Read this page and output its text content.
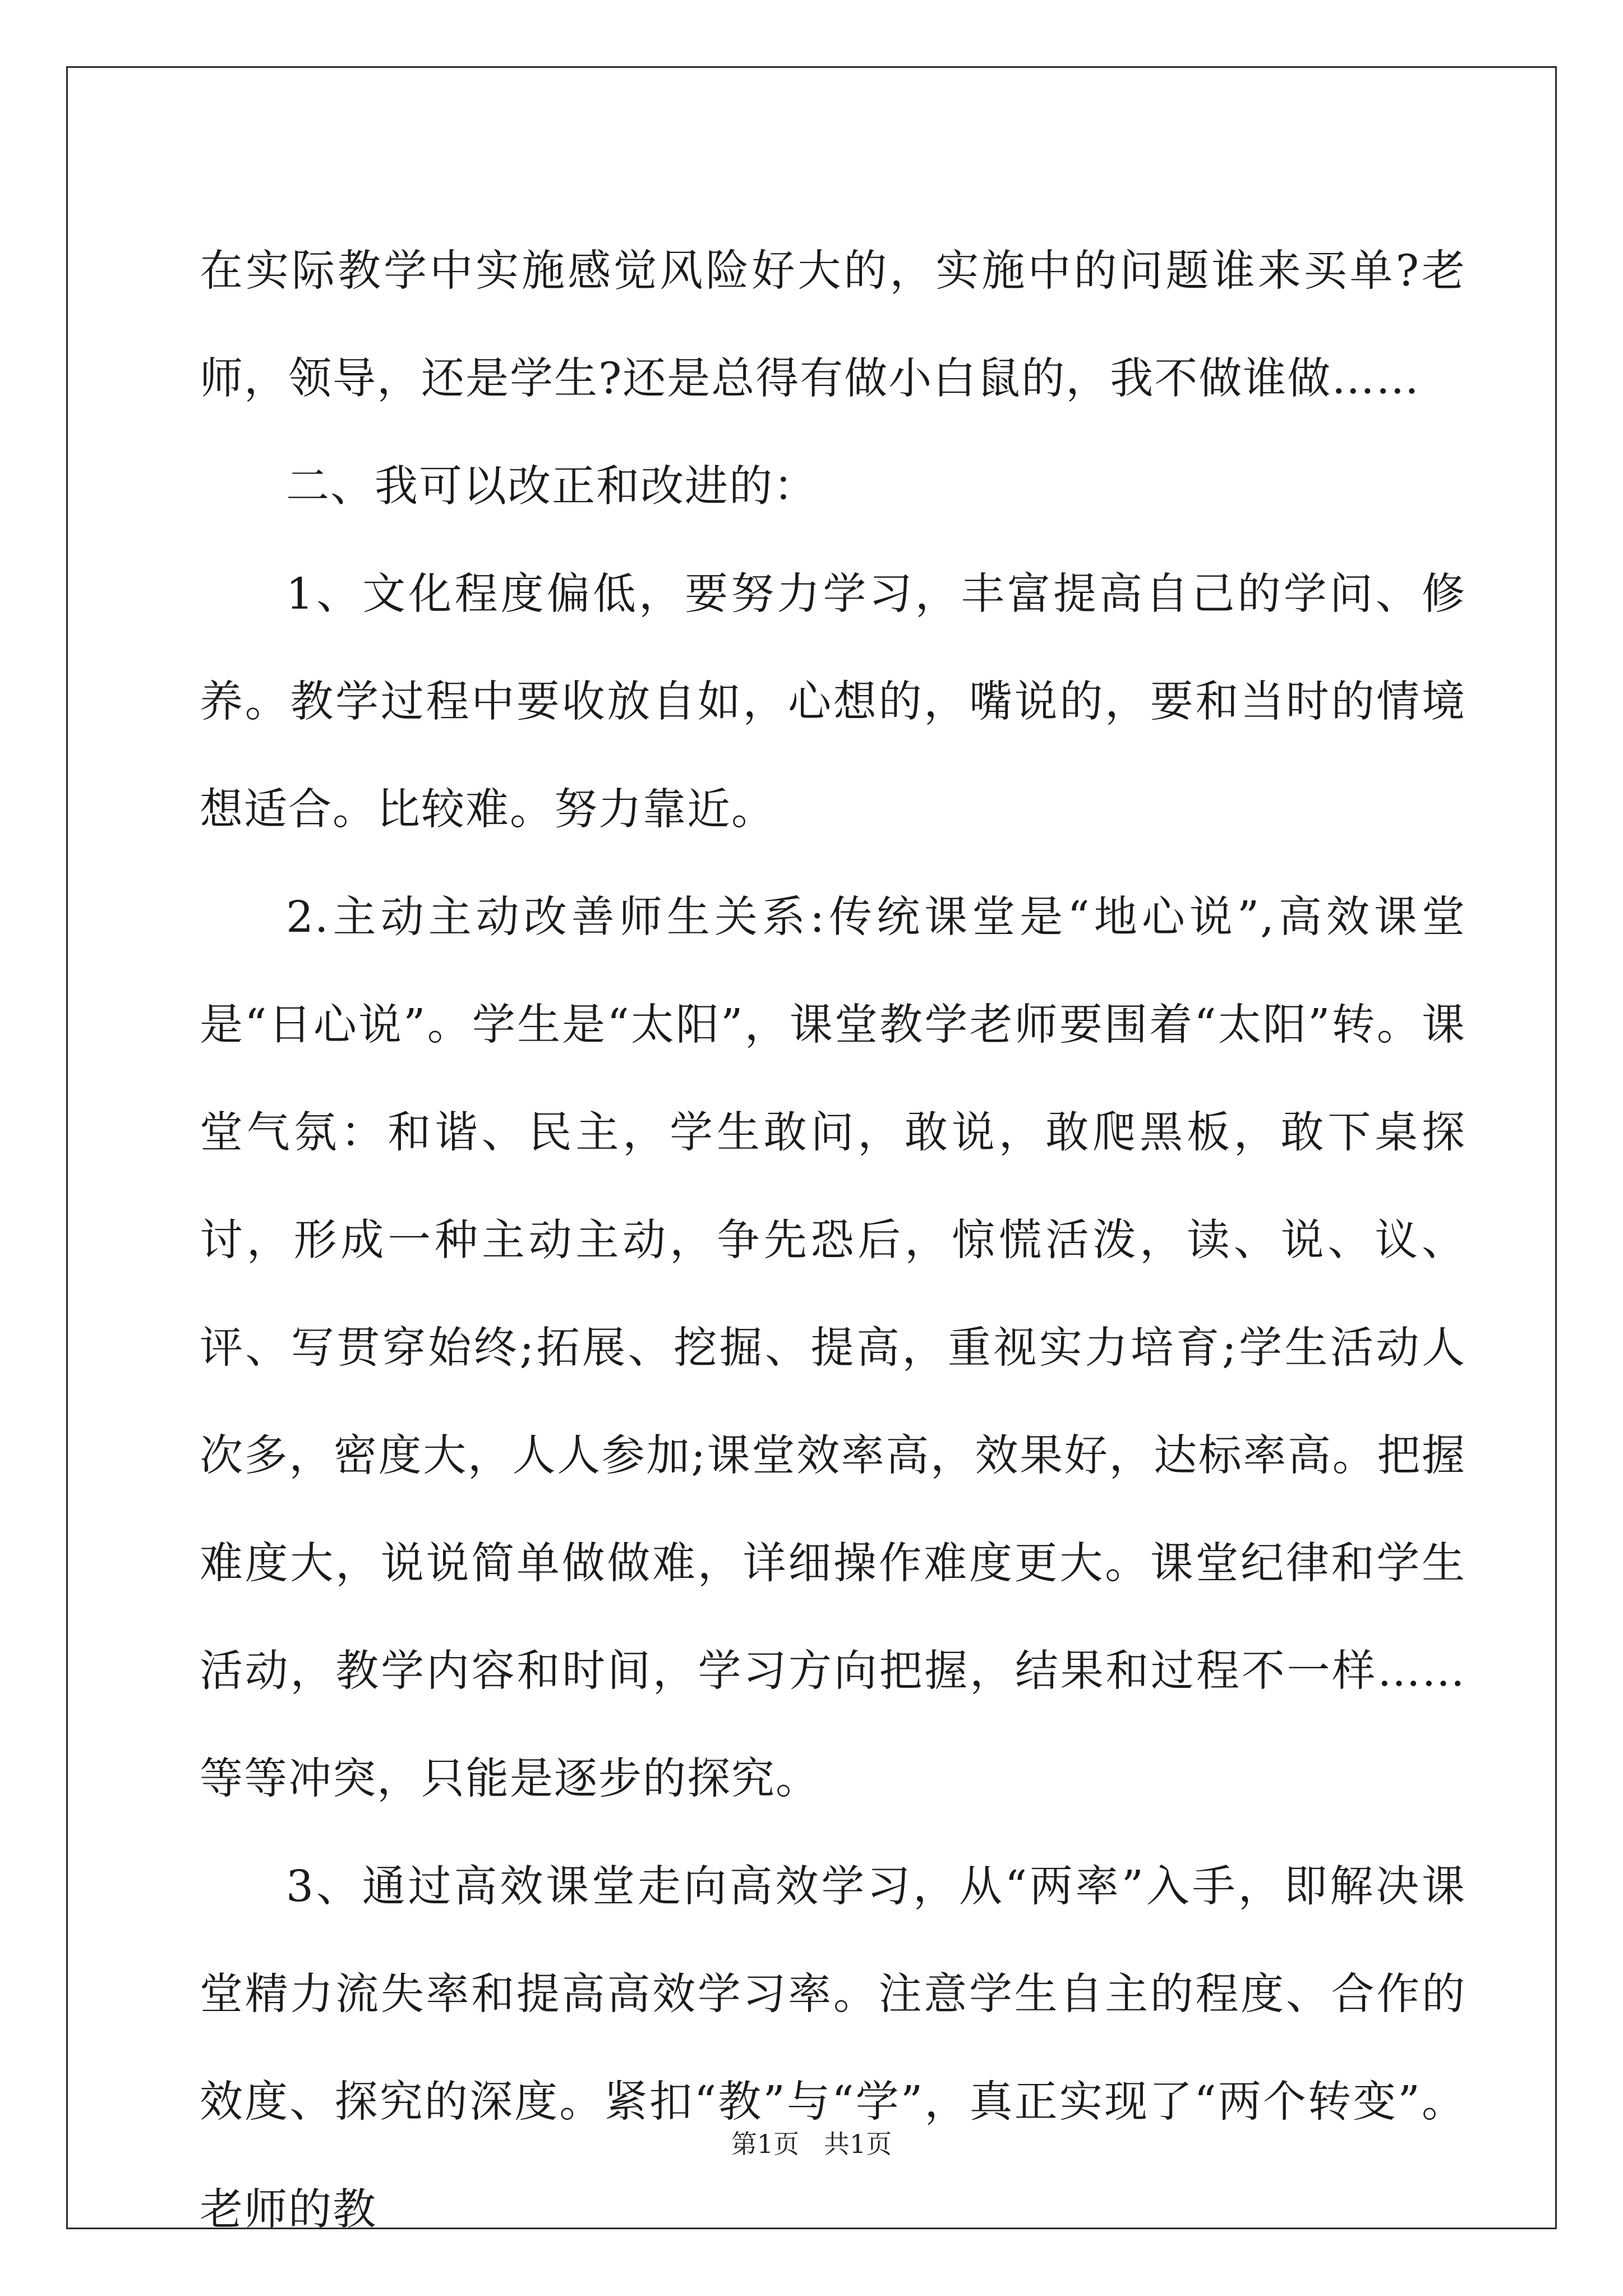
在实际教学中实施感觉风险好大的，实施中的问题谁来买单?老师，领导，还是学生?还是总得有做小白鼠的，我不做谁做……

二、我可以改正和改进的：

1、文化程度偏低，要努力学习，丰富提高自己的学问、修养。教学过程中要收放自如，心想的，嘴说的，要和当时的情境想适合。比较难。努力靠近。

2.主动主动改善师生关系:传统课堂是“地心说”,高效课堂是“日心说”。学生是“太阳”，课堂教学老师要围着“太阳”转。课堂气氛：和谐、民主，学生敢问，敢说，敢爬黑板，敢下桌探讨，形成一种主动主动，争先恐后，惊慌活泼，读、说、议、评、写贯穿始终;拓展、挖掘、提高，重视实力培育;学生活动人次多，密度大，人人参加;课堂效率高，效果好，达标率高。把握难度大，说说简单做做难，详细操作难度更大。课堂纪律和学生活动，教学内容和时间，学习方向把握，结果和过程不一样……等等冲突，只能是逐步的探究。

3、通过高效课堂走向高效学习，从“两率”入手，即解决课堂精力流失率和提高高效学习率。注意学生自主的程度、合作的效度、探究的深度。紧扣“教”与“学”，真正实现了“两个转变”。老师的教

第1页   共1页
